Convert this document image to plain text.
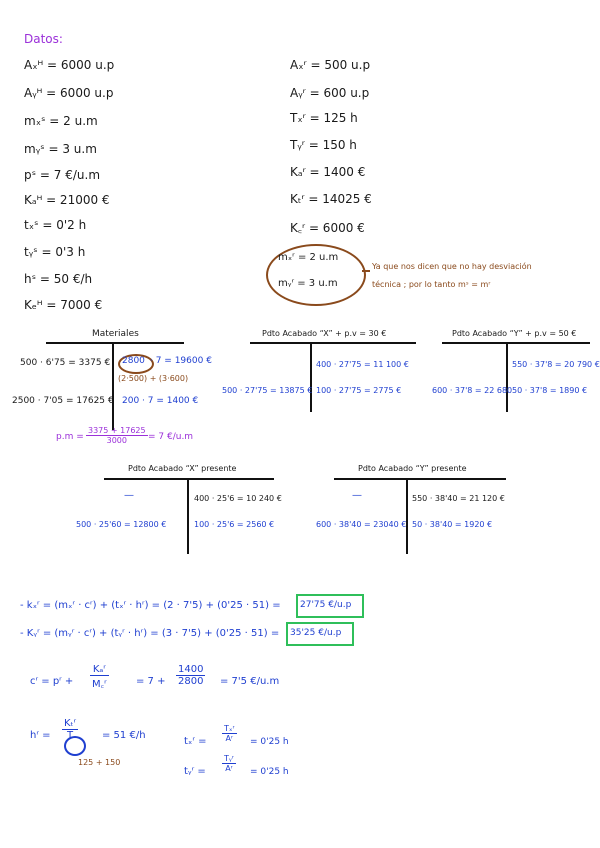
Datos:
Aₓᴴ = 6000 u.p
Aᵧᴴ = 6000 u.p
mₓˢ = 2 u.m
mᵧˢ = 3 u.m
pˢ = 7 €/u.m
Kₐᴴ = 21000 €
tₓˢ = 0'2 h
tᵧˢ = 0'3 h
hˢ = 50 €/h
Kₑᴴ = 7000 €
Aₓʳ = 500 u.p
Aᵧʳ = 600 u.p
Tₓʳ = 125 h
Tᵧʳ = 150 h
Kₐʳ = 1400 €
Kₜʳ = 14025 €
K꜀ʳ = 6000 €
mₓʳ = 2 u.m
mᵧʳ = 3 u.m
Ya que nos dicen que no hay desviación
técnica ; por lo tanto mˢ = mʳ
Materiales
500 · 6'75 = 3375 €
2500 · 7'05 = 17625 €
2800 · 7 = 19600 €
(2·500) + (3·600)
200 · 7 = 1400 €
$p.m = \frac{3375 + 17625}{3000} = 7$ €/u.m
Pdto Acabado “X” + p.v = 30 €
400 · 27'75 = 11 100 €
500 · 27'75 = 13875 € 100 · 27'75 = 2775 €
Pdto Acabado “Y” + p.v = 50 €
550 · 37'8 = 20 790 €
600 · 37'8 = 22 680 50 · 37'8 = 1890 €
Pdto Acabado “X” presente
—	400 · 25'6 = 10 240 €
500 · 25'60 = 12800 €	100 · 25'6 = 2560 €
Pdto Acabado “Y” presente
—	550 · 38'40 = 21 120 €
600 · 38'40 = 23040 € 50 · 38'40 = 1920 €
- kₓʳ = (mₓʳ · cʳ) + (tₓʳ · hʳ) = (2 · 7'5) + (0'25 · 51) = 27'75 €/u.p
- Kᵧʳ = (mᵧʳ · cʳ) + (tᵧʳ · hʳ) = (3 · 7'5) + (0'25 · 51) = 35'25 €/u.p
cʳ = pʳ +
Kₐʳ
M꜀ʳ	= $7 + \frac{1400}{2800} = 7'5$ €/u.m
hʳ =
Kₜʳ
T	= 51 €/h
125 + 150
tₓʳ =
Tₓʳ
Aʳ	= 0'25 h
tᵧʳ =
Tᵧʳ
Aʳ	= 0'25 h
